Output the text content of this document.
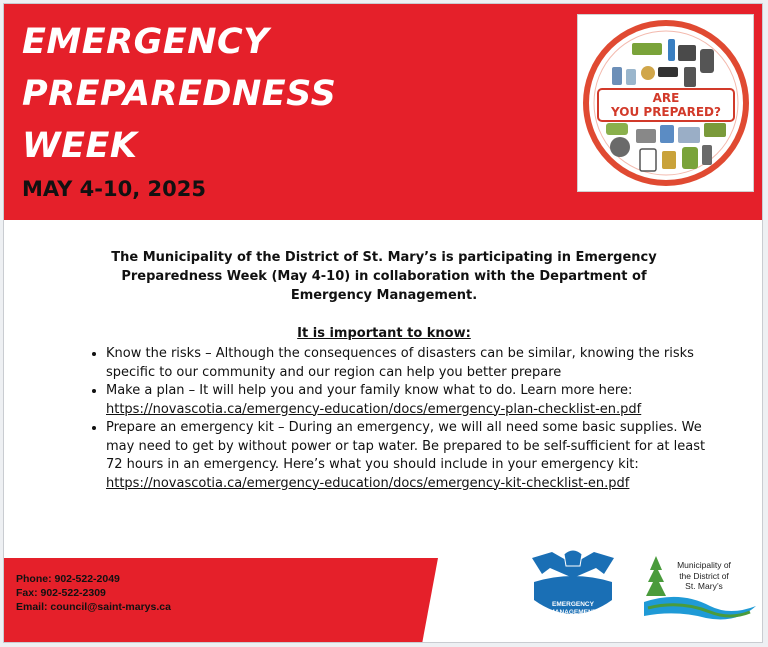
EMERGENCY
PREPAREDNESS
WEEK
MAY 4-10, 2025
ARE
YOU PREPARED?
The Municipality of the District of St. Mary’s is participating in Emergency Preparedness Week (May 4-10) in collaboration with the Department of Emergency Management.
It is important to know:
• Know the risks – Although the consequences of disasters can be similar, knowing the risks specific to our community and our region can help you better prepare
• Make a plan – It will help you and your family know what to do. Learn more here:
https://novascotia.ca/emergency-education/docs/emergency-plan-checklist-en.pdf
• Prepare an emergency kit – During an emergency, we will all need some basic supplies. We may need to get by without power or tap water. Be prepared to be self-sufficient for at least 72 hours in an emergency. Here’s what you should include in your emergency kit:
https://novascotia.ca/emergency-education/docs/emergency-kit-checklist-en.pdf
Phone: 902-522-2049
Fax: 902-522-2309
Email: council@saint-marys.ca	EMERGENCY
MANAGEMENT
Municipality of
the District of
St. Mary’s
